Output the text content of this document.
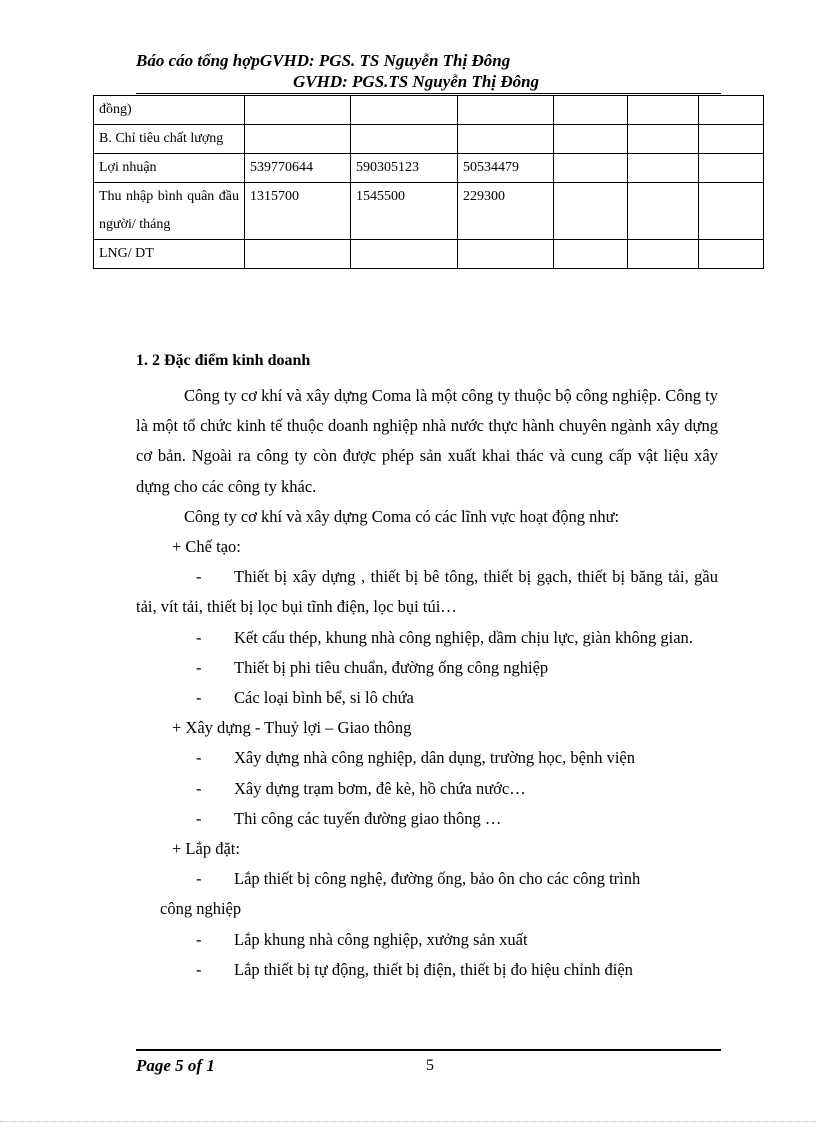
Báo cáo tổng hợpGVHD: PGS. TS Nguyễn Thị Đông
GVHD: PGS.TS Nguyễn Thị Đông
đồng)						
B. Chỉ tiêu chất lượng						
Lợi nhuận	539770644	590305123	50534479			
Thu nhập bình quân đầu người/ tháng	1315700	1545500	229300			
LNG/ DT						
1. 2 Đặc điểm kinh doanh

Công ty cơ khí và xây dựng Coma là một công ty thuộc bộ công nghiệp. Công ty là một tổ chức kinh tế thuộc doanh nghiệp nhà nước thực hành chuyên ngành xây dựng cơ bản. Ngoài ra công ty còn được phép sản xuất khai thác và cung cấp vật liệu xây dựng cho các công ty khác.

Công ty cơ khí và xây dựng Coma có các lĩnh vực hoạt động như:

+ Chế tạo:

- Thiết bị xây dựng , thiết bị bê tông, thiết bị gạch, thiết bị băng tải, gầu tải, vít tải, thiết bị lọc bụi tĩnh điện, lọc bụi túi…

- Kết cấu thép, khung nhà công nghiệp, dầm chịu lực, giàn không gian.

-	Thiết bị phi tiêu chuẩn, đường ống công nghiệp
-	Các loại bình bể, si lô chứa

+ Xây dựng - Thuỷ lợi – Giao thông

-	Xây dựng nhà công nghiệp, dân dụng, trường học, bệnh viện
-	Xây dựng trạm bơm, đê kè, hồ chứa nước…
-	Thi công các tuyến đường giao thông …

+ Lắp đặt:

-	Lắp thiết bị công nghệ, đường ống, bảo ôn cho các công trình

công nghiệp

-	Lắp khung nhà công nghiệp, xưởng sản xuất
-	Lắp thiết bị tự động, thiết bị điện, thiết bị đo hiệu chỉnh điện
Page 5 of 1	5
